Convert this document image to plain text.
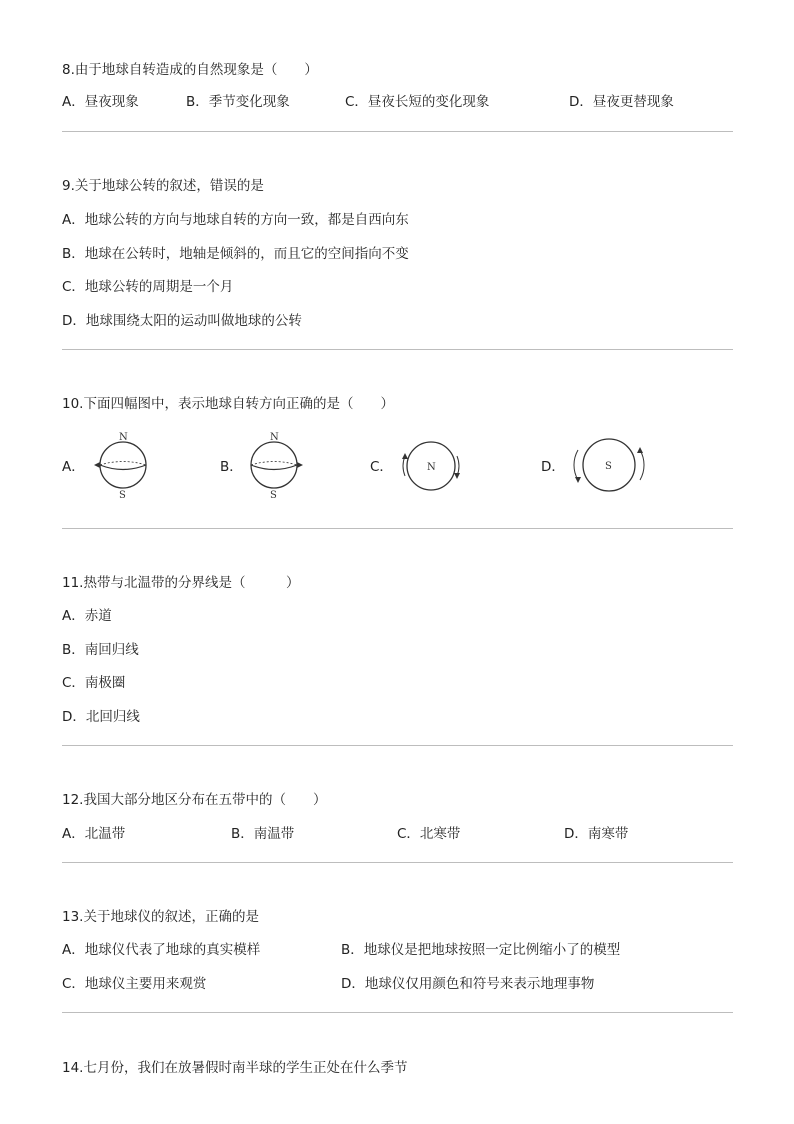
8.由于地球自转造成的自然现象是（　　）
A．昼夜现象	B．季节变化现象	C．昼夜长短的变化现象	D．昼夜更替现象
9.关于地球公转的叙述，错误的是
A．地球公转的方向与地球自转的方向一致，都是自西向东
B．地球在公转时，地轴是倾斜的，而且它的空间指向不变
C．地球公转的周期是一个月
D．地球围绕太阳的运动叫做地球的公转
10.下面四幅图中，表示地球自转方向正确的是（　　）
A．
N
S
B．
N
S
C．	N	D．	S
11.热带与北温带的分界线是（　　　）
A．赤道
B．南回归线
C．南极圈
D．北回归线
12.我国大部分地区分布在五带中的（　　）
A．北温带	B．南温带	C．北寒带	D．南寒带
13.关于地球仪的叙述，正确的是
A．地球仪代表了地球的真实模样	B．地球仪是把地球按照一定比例缩小了的模型
C．地球仪主要用来观赏	D．地球仪仅用颜色和符号来表示地理事物
14.七月份，我们在放暑假时南半球的学生正处在什么季节
